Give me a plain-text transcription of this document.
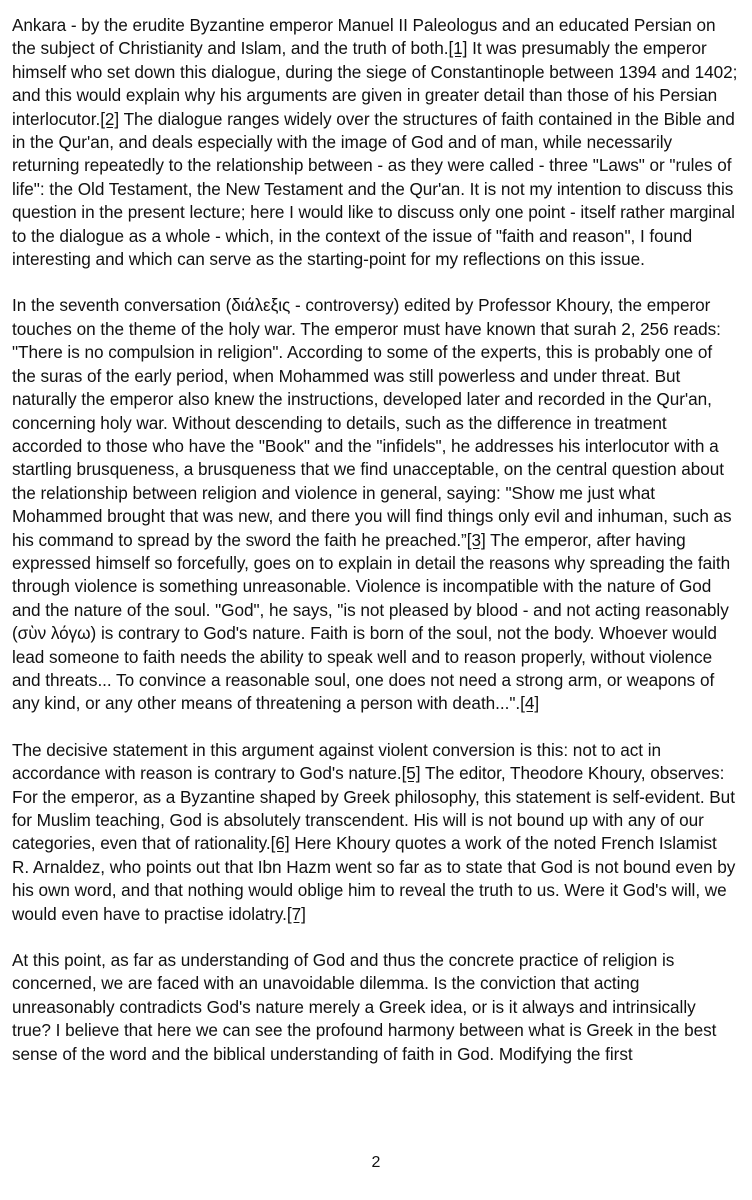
Ankara - by the erudite Byzantine emperor Manuel II Paleologus and an educated Persian on the subject of Christianity and Islam, and the truth of both.[1] It was presumably the emperor himself who set down this dialogue, during the siege of Constantinople between 1394 and 1402; and this would explain why his arguments are given in greater detail than those of his Persian interlocutor.[2] The dialogue ranges widely over the structures of faith contained in the Bible and in the Qur'an, and deals especially with the image of God and of man, while necessarily returning repeatedly to the relationship between - as they were called - three "Laws" or "rules of life": the Old Testament, the New Testament and the Qur'an. It is not my intention to discuss this question in the present lecture; here I would like to discuss only one point - itself rather marginal to the dialogue as a whole - which, in the context of the issue of "faith and reason", I found interesting and which can serve as the starting-point for my reflections on this issue.

In the seventh conversation (διάλεξις - controversy) edited by Professor Khoury, the emperor touches on the theme of the holy war. The emperor must have known that surah 2, 256 reads: "There is no compulsion in religion". According to some of the experts, this is probably one of the suras of the early period, when Mohammed was still powerless and under threat. But naturally the emperor also knew the instructions, developed later and recorded in the Qur'an, concerning holy war. Without descending to details, such as the difference in treatment accorded to those who have the "Book" and the "infidels", he addresses his interlocutor with a startling brusqueness, a brusqueness that we find unacceptable, on the central question about the relationship between religion and violence in general, saying: "Show me just what Mohammed brought that was new, and there you will find things only evil and inhuman, such as his command to spread by the sword the faith he preached.”[3] The emperor, after having expressed himself so forcefully, goes on to explain in detail the reasons why spreading the faith through violence is something unreasonable. Violence is incompatible with the nature of God and the nature of the soul. "God", he says, "is not pleased by blood - and not acting reasonably (σὺν λόγω) is contrary to God's nature. Faith is born of the soul, not the body. Whoever would lead someone to faith needs the ability to speak well and to reason properly, without violence and threats... To convince a reasonable soul, one does not need a strong arm, or weapons of any kind, or any other means of threatening a person with death...".[4]

The decisive statement in this argument against violent conversion is this: not to act in accordance with reason is contrary to God's nature.[5] The editor, Theodore Khoury, observes: For the emperor, as a Byzantine shaped by Greek philosophy, this statement is self-evident. But for Muslim teaching, God is absolutely transcendent. His will is not bound up with any of our categories, even that of rationality.[6] Here Khoury quotes a work of the noted French Islamist R. Arnaldez, who points out that Ibn Hazm went so far as to state that God is not bound even by his own word, and that nothing would oblige him to reveal the truth to us. Were it God's will, we would even have to practise idolatry.[7]

At this point, as far as understanding of God and thus the concrete practice of religion is concerned, we are faced with an unavoidable dilemma. Is the conviction that acting unreasonably contradicts God's nature merely a Greek idea, or is it always and intrinsically true? I believe that here we can see the profound harmony between what is Greek in the best sense of the word and the biblical understanding of faith in God. Modifying the first

2
